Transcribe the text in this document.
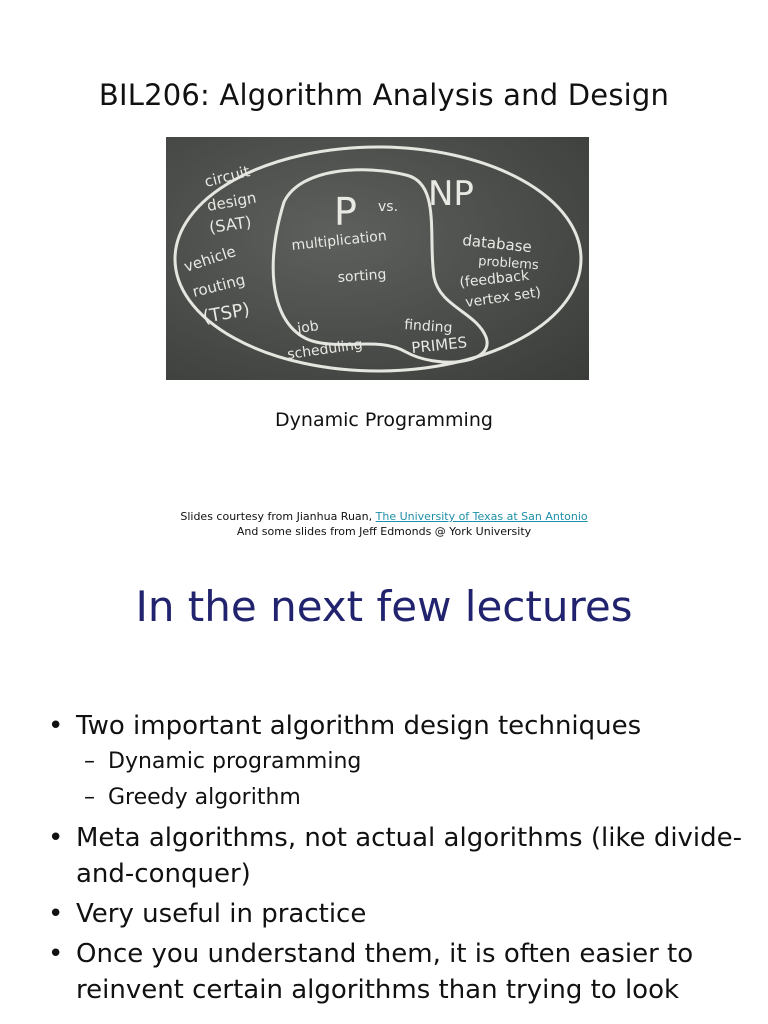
BIL206: Algorithm Analysis and Design
P vs. NP
circuit
design
(SAT)
vehicle
routing
(TSP)
multiplication
sorting
job
scheduling
finding
PRIMES
database
problems
(feedback
vertex set)
Dynamic Programming
Slides courtesy from Jianhua Ruan, The University of Texas at San Antonio
And some slides from Jeff Edmonds @ York University
In the next few lectures
• Two important algorithm design techniques
– Dynamic programming
– Greedy algorithm
• Meta algorithms, not actual algorithms (like divide-and-conquer)
• Very useful in practice
• Once you understand them, it is often easier to reinvent certain algorithms than trying to look
